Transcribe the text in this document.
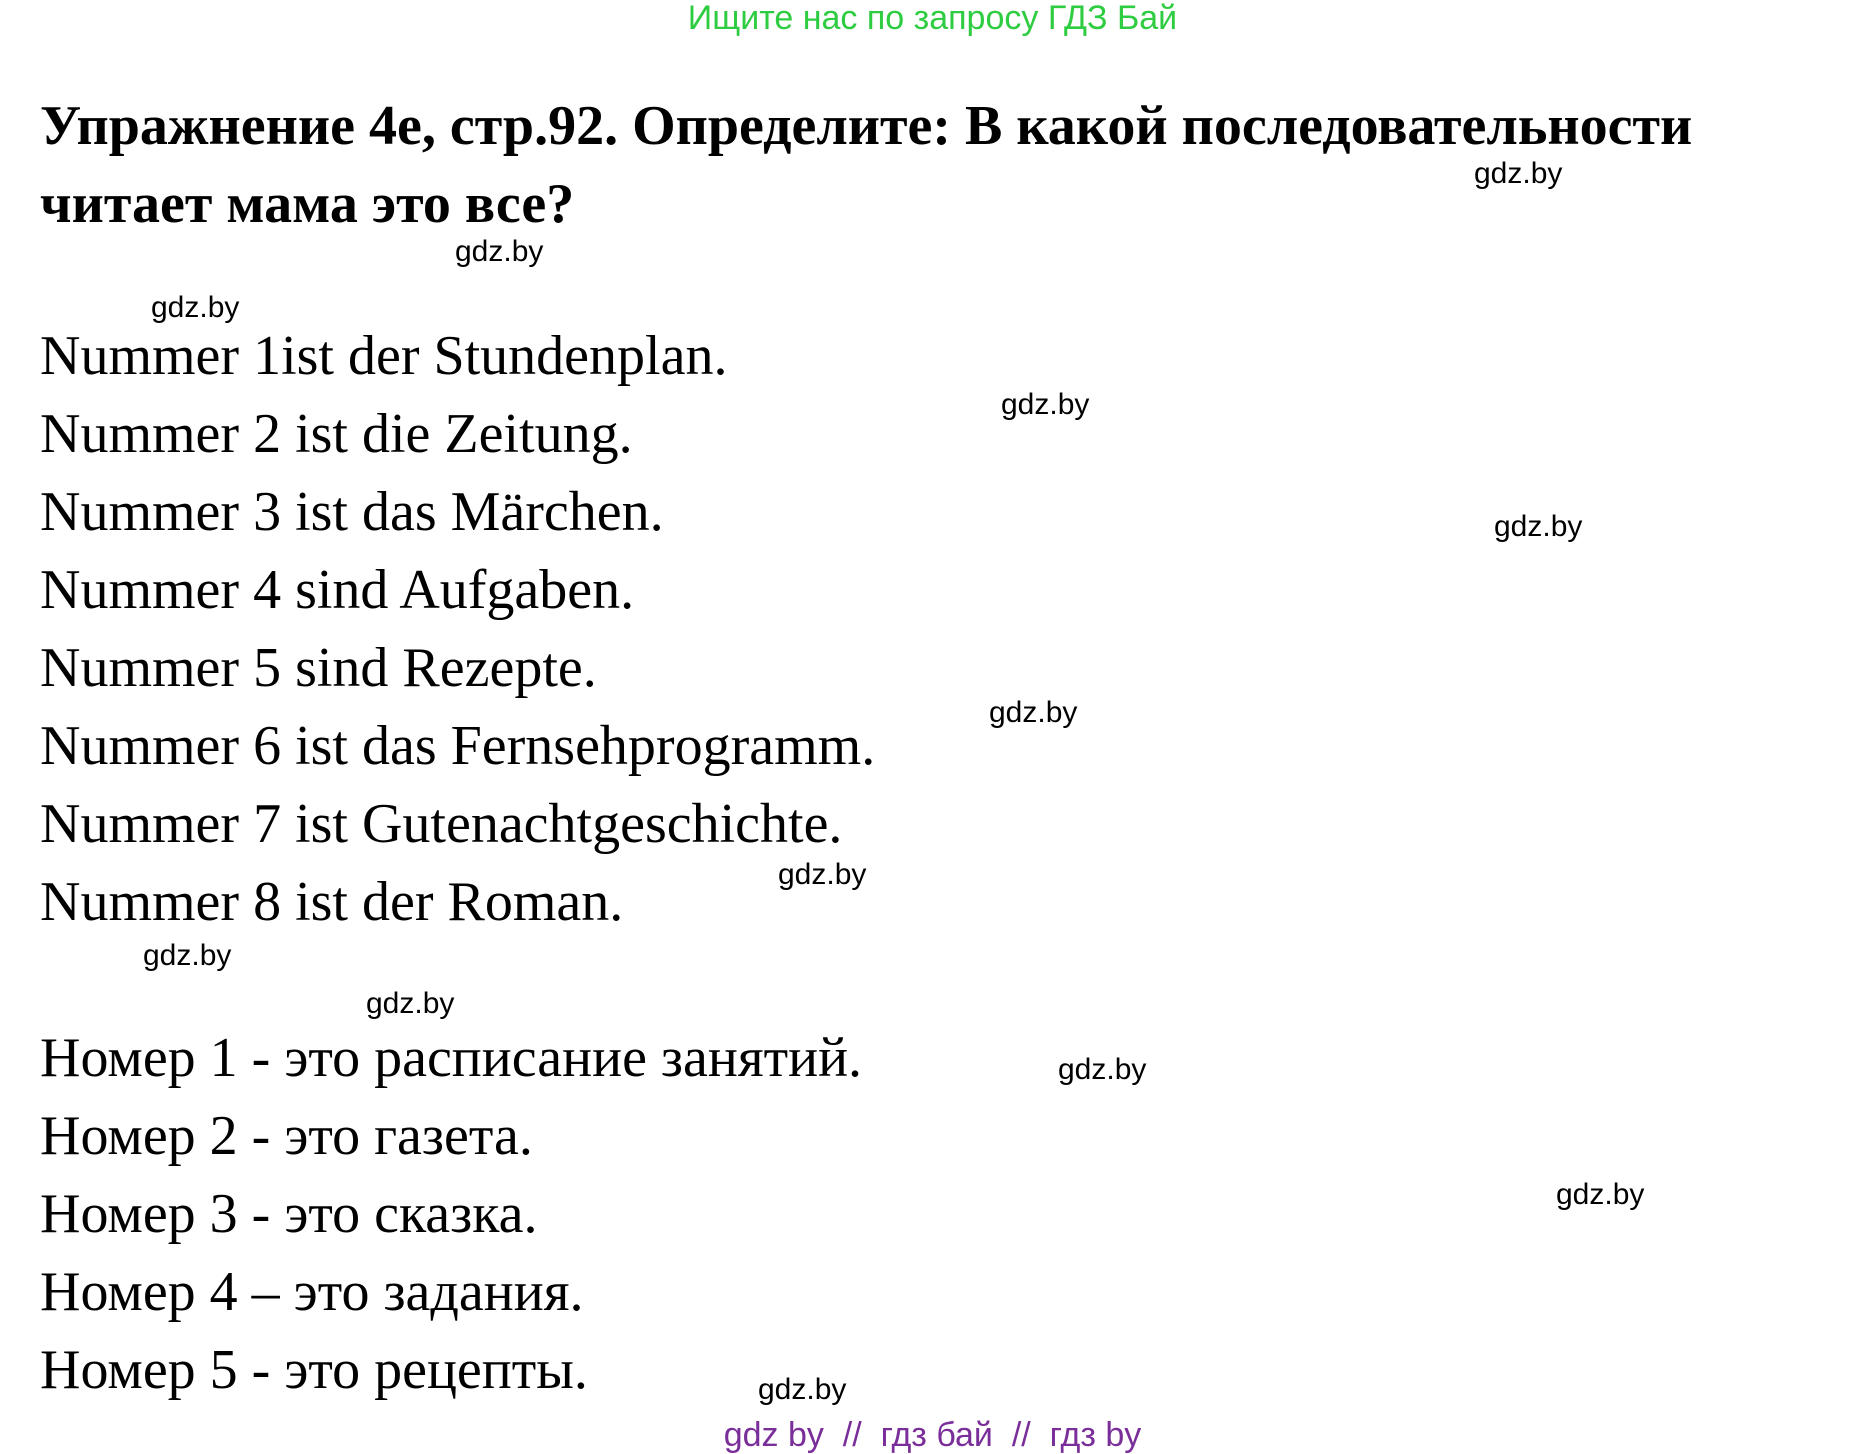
Ищите нас по запросу ГДЗ Бай
Упражнение 4е, стр.92. Определите: В какой последовательности читает мама это все?
Nummer 1ist der Stundenplan.
Nummer 2 ist die Zeitung.
Nummer 3 ist das Märchen.
Nummer 4 sind Aufgaben.
Nummer 5 sind Rezepte.
Nummer 6 ist das Fernsehprogramm.
Nummer 7 ist Gutenachtgeschichte.
Nummer 8 ist der Roman.
Номер 1 - это расписание занятий.
Номер 2 - это газета.
Номер 3 - это сказка.
Номер 4 – это задания.
Номер 5 - это рецепты.
gdz.by
gdz.by
gdz.by
gdz.by
gdz.by
gdz.by
gdz.by
gdz.by
gdz.by
gdz.by
gdz.by
gdz.by
gdz by  //  гдз бай  //  гдз by
